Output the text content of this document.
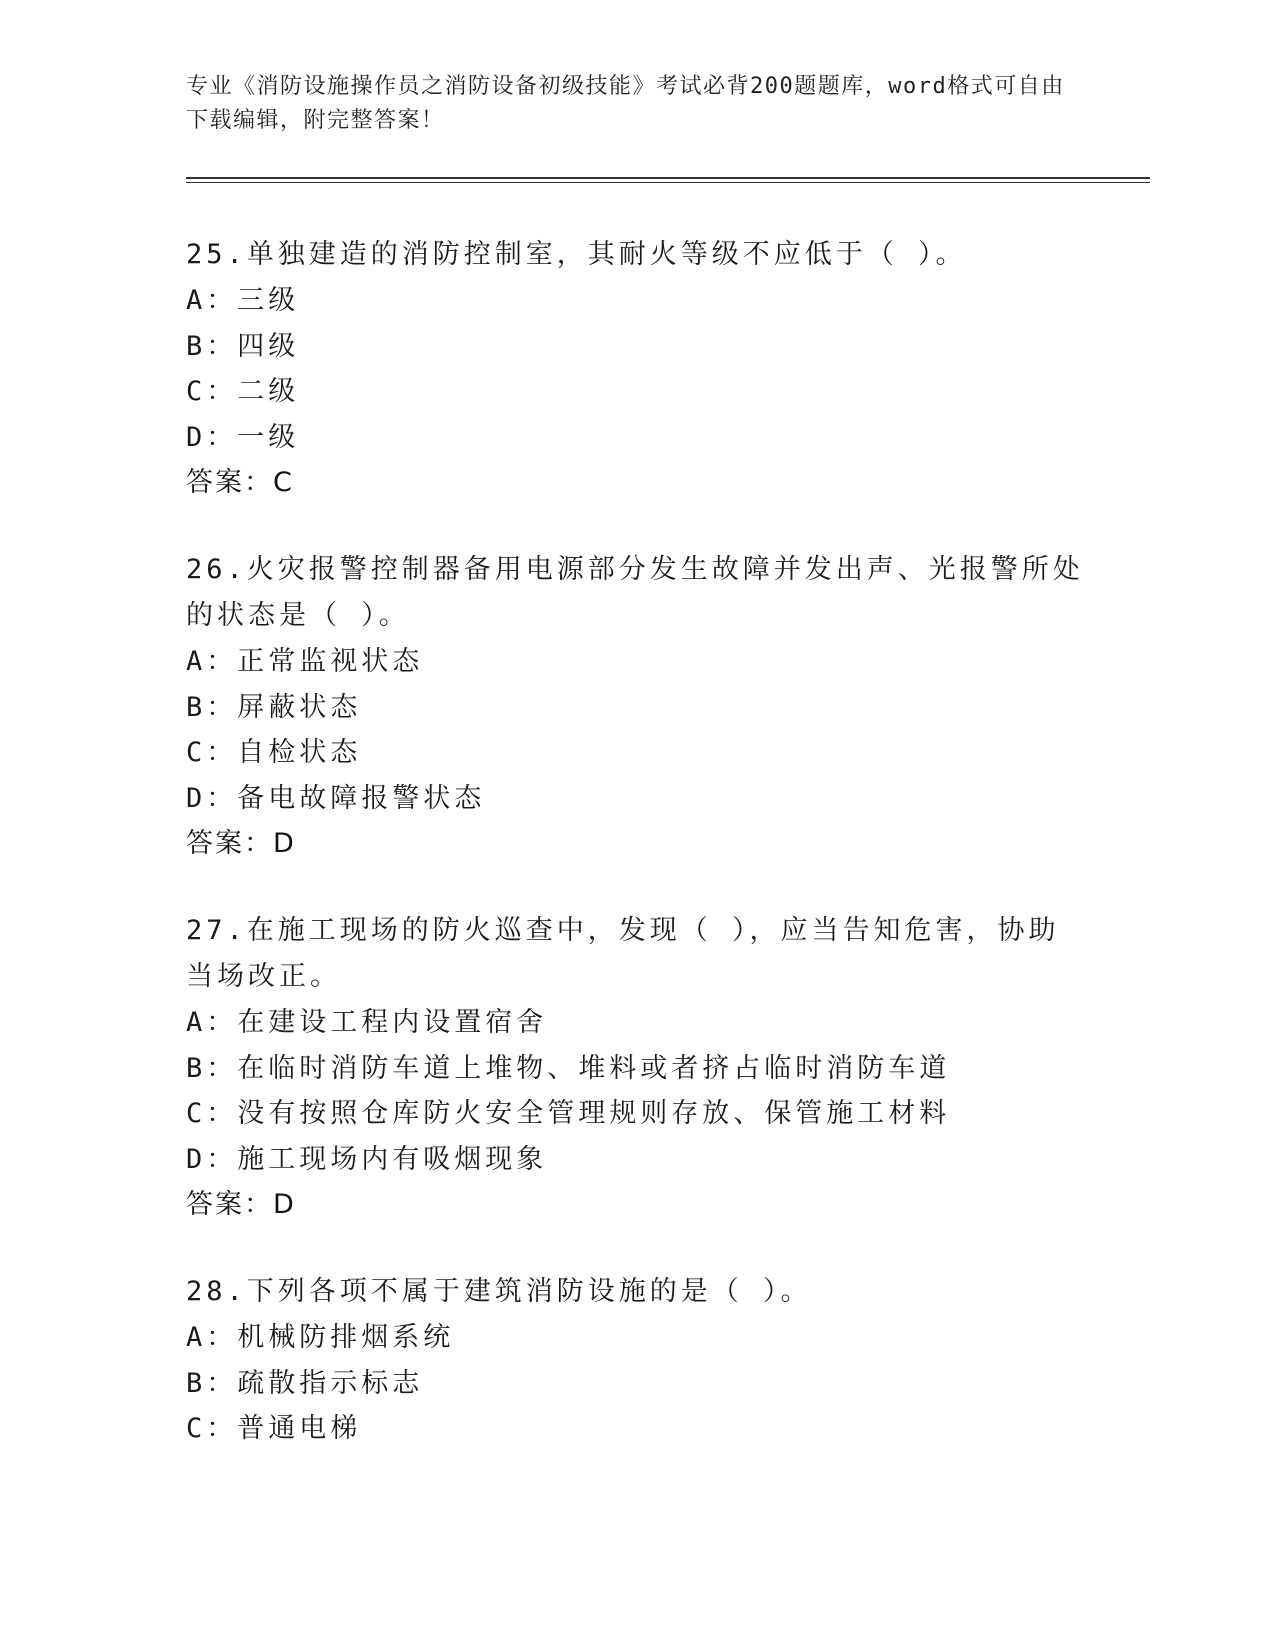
专业《消防设施操作员之消防设备初级技能》考试必背200题题库，word格式可自由下载编辑，附完整答案！

25.单独建造的消防控制室，其耐火等级不应低于（ ）。

A：三级

B：四级

C：二级

D：一级

答案：C

26.火灾报警控制器备用电源部分发生故障并发出声、光报警所处的状态是（ ）。

A：正常监视状态

B：屏蔽状态

C：自检状态

D：备电故障报警状态

答案：D

27.在施工现场的防火巡查中，发现（ ），应当告知危害，协助当场改正。

A：在建设工程内设置宿舍

B：在临时消防车道上堆物、堆料或者挤占临时消防车道

C：没有按照仓库防火安全管理规则存放、保管施工材料

D：施工现场内有吸烟现象

答案：D

28.下列各项不属于建筑消防设施的是（ ）。

A：机械防排烟系统

B：疏散指示标志

C：普通电梯
